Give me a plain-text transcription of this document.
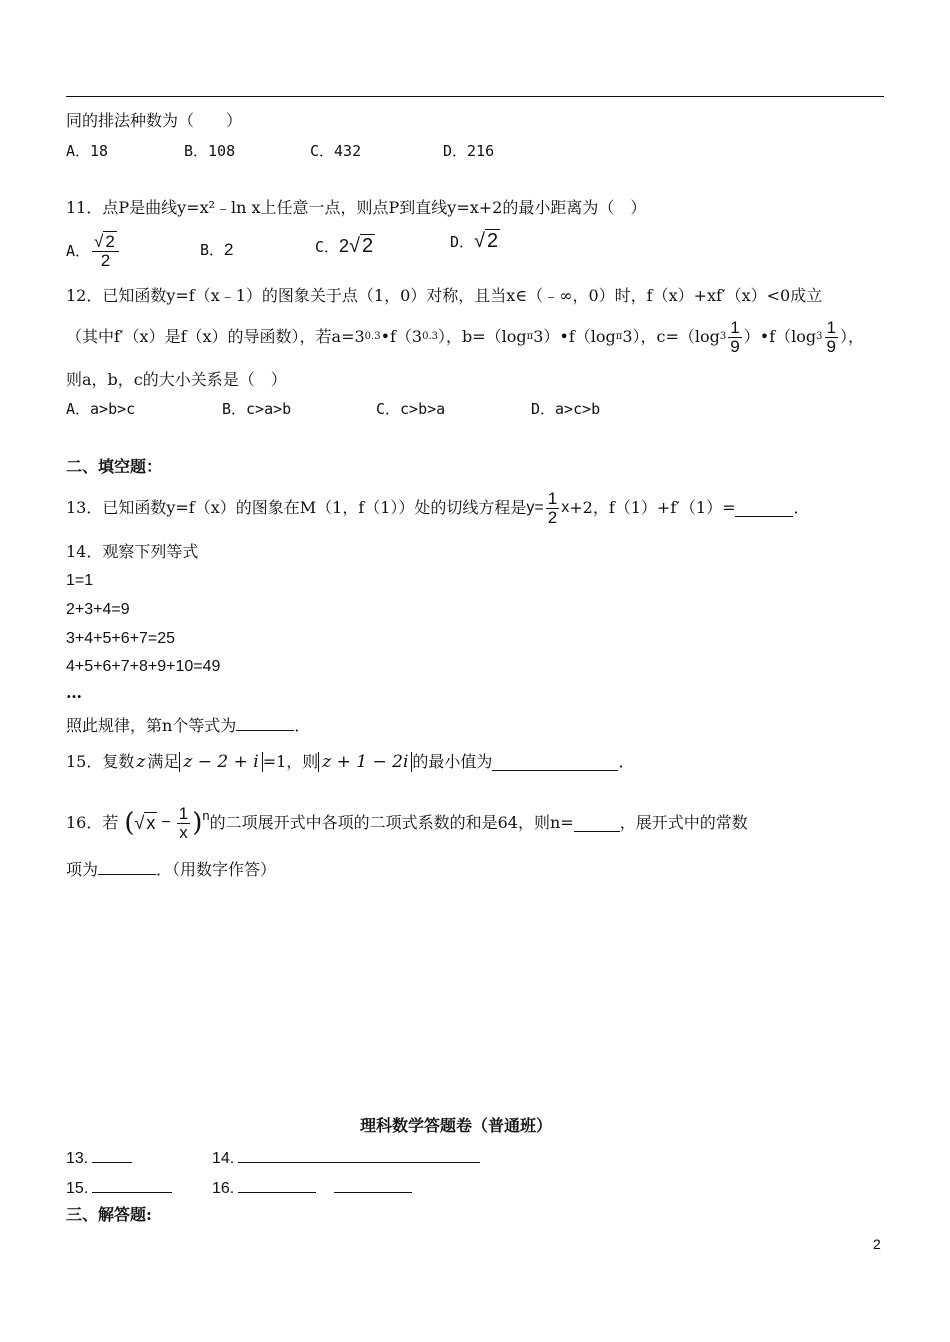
同的排法种数为（　　）
A．18	B．108	C．432	D．216
11．点P是曲线y=x²﹣ln x上任意一点，则点P到直线y=x+2的最小距离为（　）
A． $\frac{√ 2}{2}$	B．2	C．2√ 2	D．√ 2
12．已知函数y=f（x﹣1）的图象关于点（1，0）对称，且当x∈（﹣∞，0）时，f（x）+xf′（x）<0成立
（其中f′（x）是f（x）的导函数），若a=3 0.3 •f（3 0.3 ），b=（log π 3）•f（log π 3），c=（log $3 \frac{1}{9}$ ）•f（log $3 \frac{1}{9}$ ），
则a，b，c的大小关系是（　）
A．a>b>c	B．c>a>b	C．c>b>a	D．a>c>b
二、填空题：
13．已知函数y=f（x）的图象在M（1，f（1））处的切线方程是 $y= \frac{1}{2}$ x +2，f（1）+f′（1）=	．
14．观察下列等式
1=1
2+3+4=9
3+4+5+6+7=25
4+5+6+7+8+9+10=49
…
照此规律，第n个等式为	．
15．复数 z 满足 z − 2 + i =1，则 z + 1 − 2i 的最小值为	．
16．若 ( √ $x - \frac{1}{x} )^n$ 的二项展开式中各项的二项式系数的和是64，则n=	，展开式中的常数
项为	．（用数字作答）
理科数学答题卷（普通班）
13.	14.
15.	16.
三、解答题:
2
